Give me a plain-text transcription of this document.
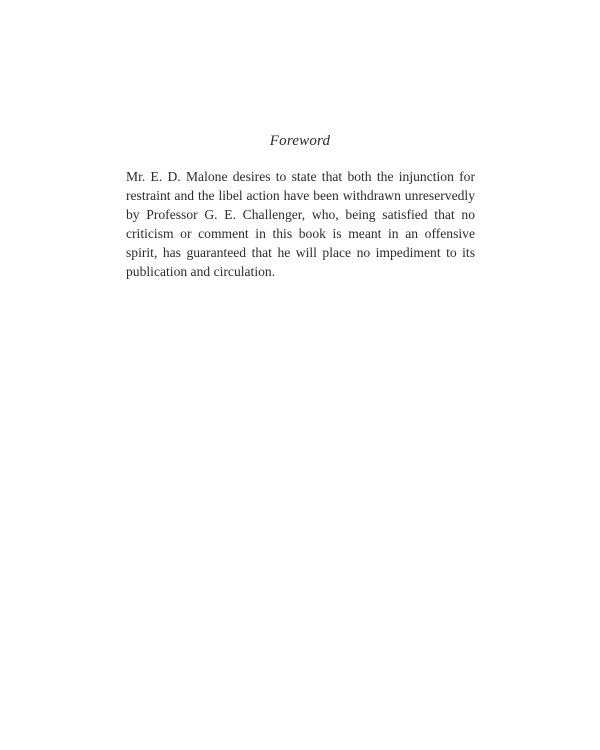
Foreword

Mr. E. D. Malone desires to state that both the injunction for
restraint and the libel action have been withdrawn unreservedly
by Professor G. E. Challenger, who, being satisfied that no
criticism or comment in this book is meant in an offensive
spirit, has guaranteed that he will place no impediment to its
publication and circulation.
